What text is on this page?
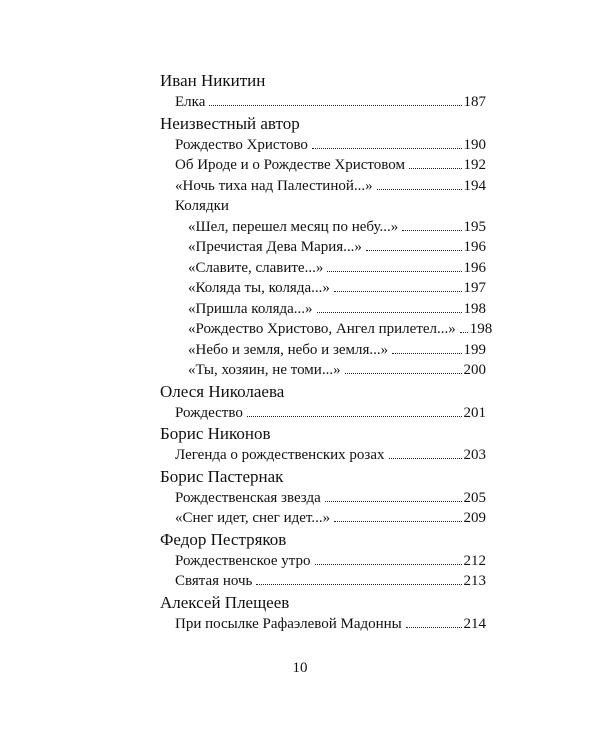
Иван Никитин
Елка	187
Неизвестный автор
Рождество Христово	190
Об Ироде и о Рождестве Христовом	192
«Ночь тиха над Палестиной...»	194
Колядки
«Шел, перешел месяц по небу...»	195
«Пречистая Дева Мария...»	196
«Славите, славите...»	196
«Коляда ты, коляда...»	197
«Пришла коляда...»	198
«Рождество Христово, Ангел прилетел...» 198
«Небо и земля, небо и земля...»	199
«Ты, хозяин, не томи...»	200
Олеся Николаева
Рождество	201
Борис Никонов
Легенда о рождественских розах	203
Борис Пастернак
Рождественская звезда	205
«Снег идет, снег идет...»	209
Федор Пестряков
Рождественское утро	212
Святая ночь	213
Алексей Плещеев
При посылке Рафаэлевой Мадонны	214
10
